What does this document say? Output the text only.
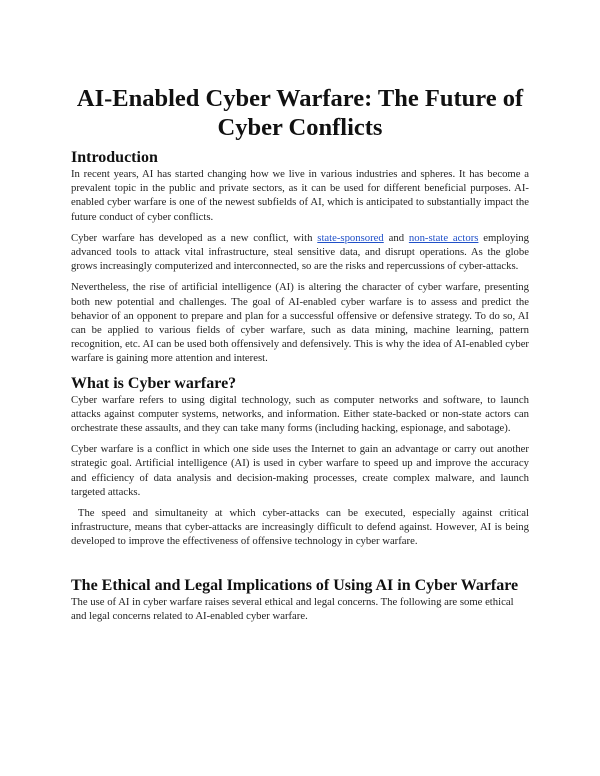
AI-Enabled Cyber Warfare: The Future of Cyber Conflicts
Introduction

In recent years, AI has started changing how we live in various industries and spheres. It has become a prevalent topic in the public and private sectors, as it can be used for different beneficial purposes. AI-enabled cyber warfare is one of the newest subfields of AI, which is anticipated to substantially impact the future conduct of cyber conflicts.

Cyber warfare has developed as a new conflict, with state-sponsored and non-state actors employing advanced tools to attack vital infrastructure, steal sensitive data, and disrupt operations. As the globe grows increasingly computerized and interconnected, so are the risks and repercussions of cyber-attacks.

Nevertheless, the rise of artificial intelligence (AI) is altering the character of cyber warfare, presenting both new potential and challenges. The goal of AI-enabled cyber warfare is to assess and predict the behavior of an opponent to prepare and plan for a successful offensive or defensive strategy. To do so, AI can be applied to various fields of cyber warfare, such as data mining, machine learning, pattern recognition, etc. AI can be used both offensively and defensively. This is why the idea of AI-enabled cyber warfare is gaining more attention and interest.

What is Cyber warfare?

Cyber warfare refers to using digital technology, such as computer networks and software, to launch attacks against computer systems, networks, and information. Either state-backed or non-state actors can orchestrate these assaults, and they can take many forms (including hacking, espionage, and sabotage).

Cyber warfare is a conflict in which one side uses the Internet to gain an advantage or carry out another strategic goal. Artificial intelligence (AI) is used in cyber warfare to speed up and improve the accuracy and efficiency of data analysis and decision-making processes, create complex malware, and launch targeted attacks.

The speed and simultaneity at which cyber-attacks can be executed, especially against critical infrastructure, means that cyber-attacks are increasingly difficult to defend against. However, AI is being developed to improve the effectiveness of offensive technology in cyber warfare.

The Ethical and Legal Implications of Using AI in Cyber Warfare

The use of AI in cyber warfare raises several ethical and legal concerns. The following are some ethical and legal concerns related to AI-enabled cyber warfare.
